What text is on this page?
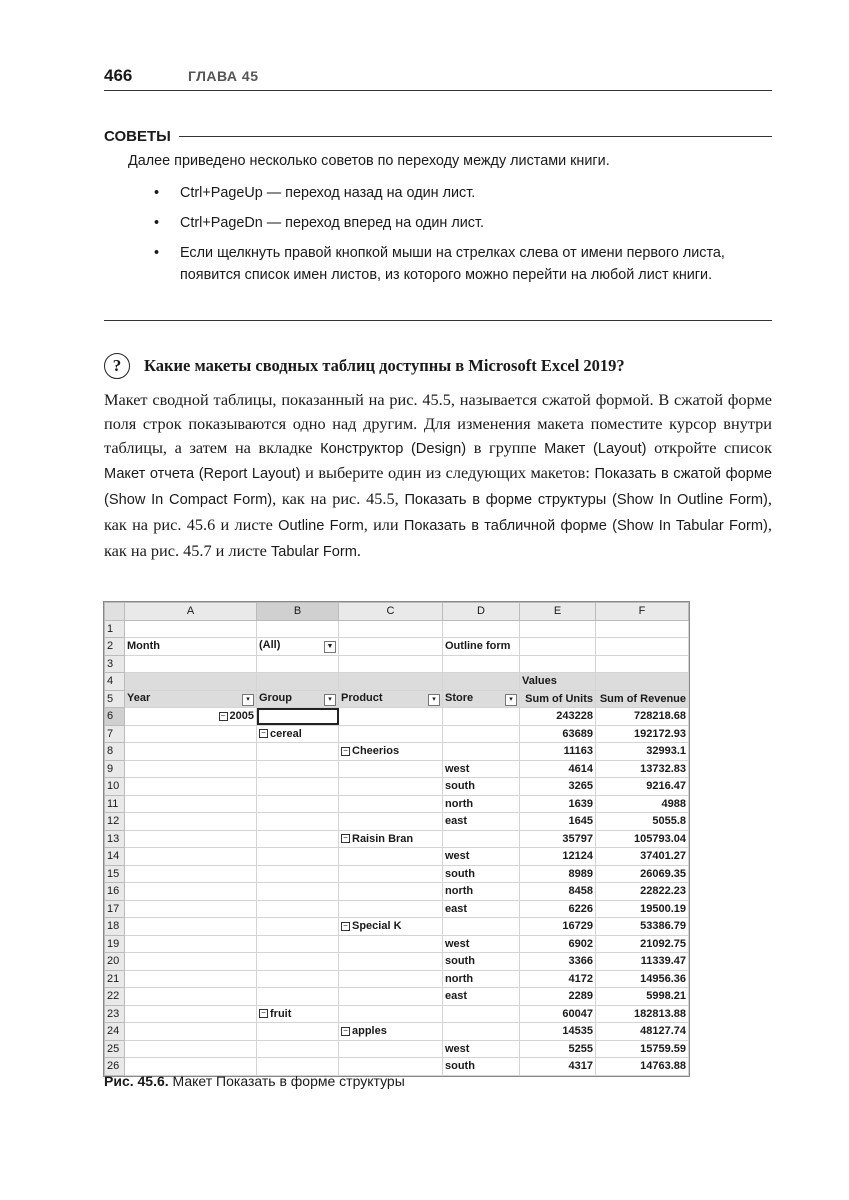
466	ГЛАВА 45
СОВЕТЫ
Далее приведено несколько советов по переходу между листами книги.
• Ctrl+PageUp — переход назад на один лист.
• Ctrl+PageDn — переход вперед на один лист.
• Если щелкнуть правой кнопкой мыши на стрелках слева от имени первого листа, появится список имен листов, из которого можно перейти на любой лист книги.
?	Какие макеты сводных таблиц доступны в Microsoft Excel 2019?

Макет сводной таблицы, показанный на рис. 45.5, называется сжатой формой. В сжатой форме поля строк показываются одно над другим. Для изменения макета поместите курсор внутри таблицы, а затем на вкладке Конструктор (Design) в группе Макет (Layout) откройте список Макет отчета (Report Layout) и выберите один из следующих макетов: Показать в сжатой форме (Show In Compact Form), как на рис. 45.5, Показать в форме структуры (Show In Outline Form), как на рис. 45.6 и листе Outline Form, или Показать в табличной форме (Show In Tabular Form), как на рис. 45.7 и листе Tabular Form.

	A	B	C	D	E	F
1						
2	Month	(All) ▼		Outline form		
3						
4					Values	
5	Year ▾	Group ▾	Product ▾	Store ▾	Sum of Units	Sum of Revenue
6	− 2005				243228	728218.68
7		− cereal			63689	192172.93
8			− Cheerios		11163	32993.1
9				west	4614	13732.83
10				south	3265	9216.47
11				north	1639	4988
12				east	1645	5055.8
13			− Raisin Bran		35797	105793.04
14				west	12124	37401.27
15				south	8989	26069.35
16				north	8458	22822.23
17				east	6226	19500.19
18			− Special K		16729	53386.79
19				west	6902	21092.75
20				south	3366	11339.47
21				north	4172	14956.36
22				east	2289	5998.21
23		− fruit			60047	182813.88
24			− apples		14535	48127.74
25				west	5255	15759.59
26				south	4317	14763.88
Рис. 45.6. Макет Показать в форме структуры
